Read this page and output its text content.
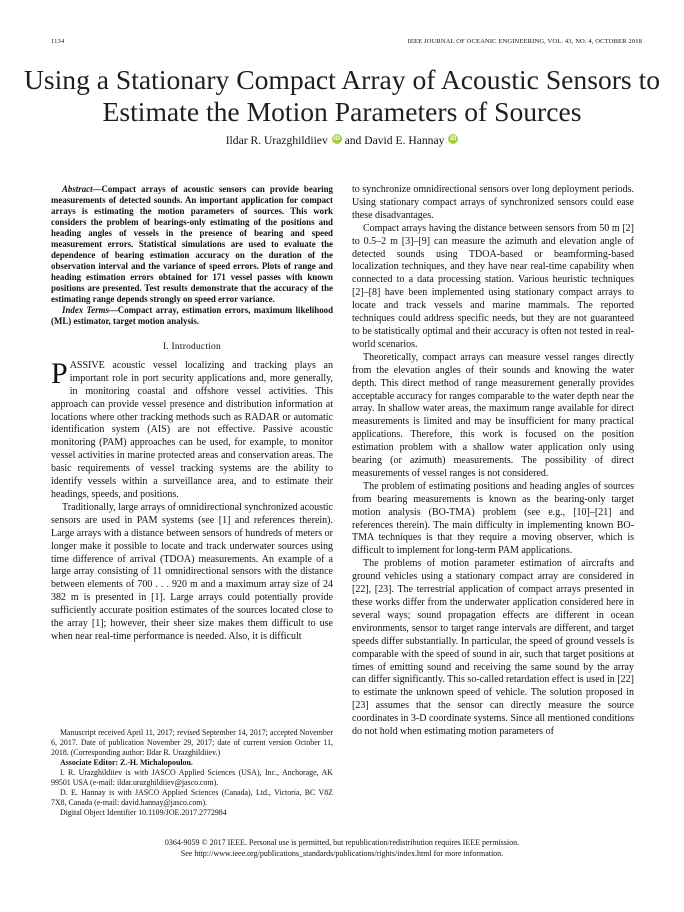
1134	IEEE JOURNAL OF OCEANIC ENGINEERING, VOL. 43, NO. 4, OCTOBER 2018
Using a Stationary Compact Array of Acoustic Sensors to Estimate the Motion Parameters of Sources
Ildar R. Urazghildiiev iD and David E. Hannay iD

Abstract—Compact arrays of acoustic sensors can provide bearing measurements of detected sounds. An important application for compact arrays is estimating the motion parameters of sources. This work considers the problem of bearings-only estimating of the positions and heading angles of vessels in the presence of bearing and speed measurement errors. Statistical simulations are used to evaluate the dependence of bearing estimation accuracy on the duration of the observation interval and the variance of speed errors. Plots of range and heading estimation errors obtained for 171 vessel passes with known positions are presented. Test results demonstrate that the accuracy of the estimating range depends strongly on speed error variance.

Index Terms—Compact array, estimation errors, maximum likelihood (ML) estimator, target motion analysis.

I. Introduction

PASSIVE acoustic vessel localizing and tracking plays an important role in port security applications and, more generally, in monitoring coastal and offshore vessel activities. This approach can provide vessel presence and distribution information at locations where other tracking methods such as RADAR or automatic identification system (AIS) are not effective. Passive acoustic monitoring (PAM) approaches can be used, for example, to monitor vessel activities in marine protected areas and conservation areas. The basic requirements of vessel tracking systems are the ability to identify vessels within a surveillance area, and to estimate their headings, speeds, and positions.

Traditionally, large arrays of omnidirectional synchronized acoustic sensors are used in PAM systems (see [1] and references therein). Large arrays with a distance between sensors of hundreds of meters or longer make it possible to locate and track underwater sources using time difference of arrival (TDOA) measurements. An example of a large array consisting of 11 omnidirectional sensors with the distance between elements of 700 . . . 920 m and a maximum array size of 24 382 m is presented in [1]. Large arrays could potentially provide sufficiently accurate position estimates of the sources located close to the array [1]; however, their sheer size makes them difficult to use when near real-time performance is needed. Also, it is difficult

Manuscript received April 11, 2017; revised September 14, 2017; accepted November 6, 2017. Date of publication November 29, 2017; date of current version October 11, 2018. (Corresponding author: Ildar R. Urazghildiiev.)

Associate Editor: Z.-H. Michalopoulou.

I. R. Urazghildiiev is with JASCO Applied Sciences (USA), Inc., Anchorage, AK 99501 USA (e-mail: ildar.urazghildiiev@jasco.com).

D. E. Hannay is with JASCO Applied Sciences (Canada), Ltd., Victoria, BC V8Z 7X8, Canada (e-mail: david.hannay@jasco.com).

Digital Object Identifier 10.1109/JOE.2017.2772984

to synchronize omnidirectional sensors over long deployment periods. Using stationary compact arrays of synchronized sensors could ease these disadvantages.

Compact arrays having the distance between sensors from 50 m [2] to 0.5–2 m [3]–[9] can measure the azimuth and elevation angle of detected sounds using TDOA-based or beamforming-based localization techniques, and they have near real-time capability when connected to a data processing station. Various heuristic techniques [2]–[8] have been implemented using stationary compact arrays to locate and track vessels and marine mammals. The reported techniques could address specific needs, but they are not guaranteed to be statistically optimal and their accuracy is often not tested in real-world scenarios.

Theoretically, compact arrays can measure vessel ranges directly from the elevation angles of their sounds and knowing the water depth. This direct method of range measurement generally provides acceptable accuracy for ranges comparable to the water depth near the array. In shallow water areas, the maximum range available for direct measurements is limited and may be insufficient for many practical applications. Therefore, this work is focused on the position estimation problem with a shallow water application only using bearing (or azimuth) measurements. The possibility of direct measurements of vessel ranges is not considered.

The problem of estimating positions and heading angles of sources from bearing measurements is known as the bearing-only target motion analysis (BO-TMA) problem (see e.g., [10]–[21] and references therein). The main difficulty in implementing known BO-TMA techniques is that they require a moving observer, which is difficult to implement for long-term PAM applications.

The problems of motion parameter estimation of aircrafts and ground vehicles using a stationary compact array are considered in [22], [23]. The terrestrial application of compact arrays presented in these works differ from the underwater application considered here in several ways; sound propagation effects are different in ocean environments, sensor to target range intervals are different, and target speeds differ substantially. In particular, the speed of ground vessels is comparable with the speed of sound in air, such that target positions at times of emitting sound and receiving the same sound by the array can differ significantly. This so-called retardation effect is used in [22] to estimate the unknown speed of vehicle. The solution proposed in [23] assumes that the sensor can directly measure the source coordinates in 3-D coordinate systems. Since all mentioned conditions do not hold when estimating motion parameters of

0364-9059 © 2017 IEEE. Personal use is permitted, but republication/redistribution requires IEEE permission.
See http://www.ieee.org/publications_standards/publications/rights/index.html for more information.
